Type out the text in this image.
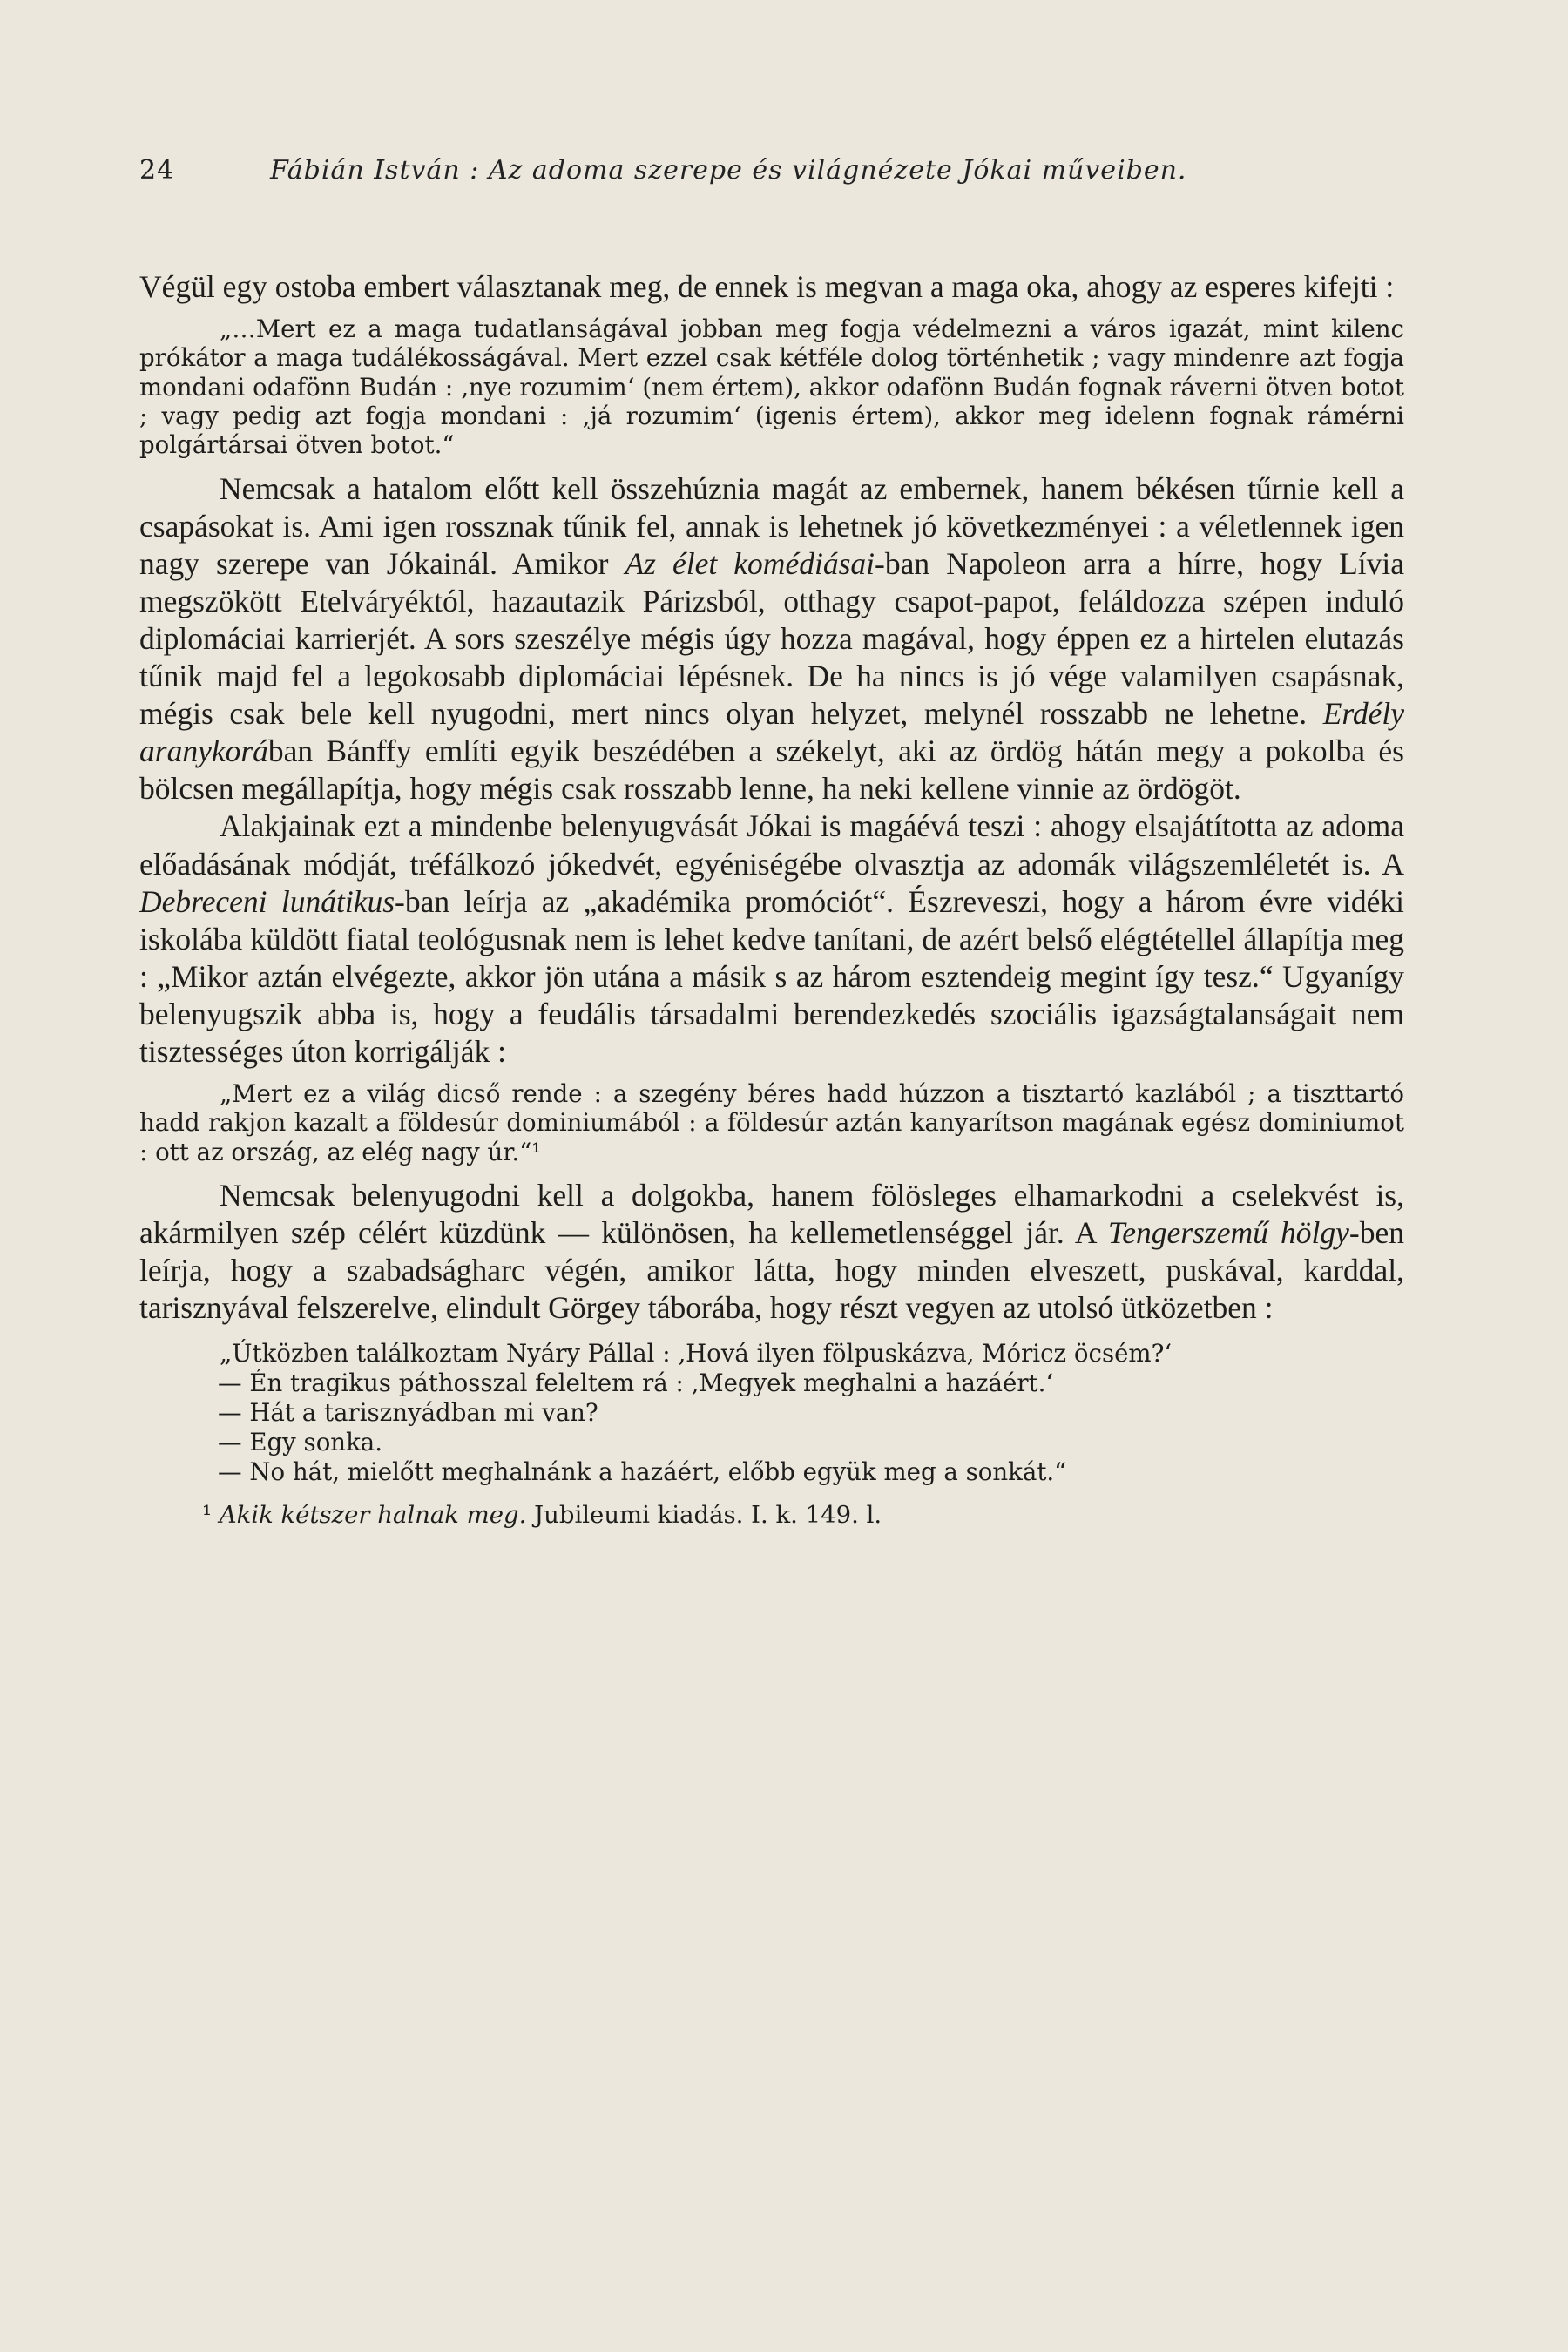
24	Fábián István : Az adoma szerepe és világnézete Jókai műveiben.

Végül egy ostoba embert választanak meg, de ennek is megvan a maga oka, ahogy az esperes kifejti :

„…Mert ez a maga tudatlanságával jobban meg fogja védelmezni a város igazát, mint kilenc prókátor a maga tudálékosságával. Mert ezzel csak kétféle dolog történhetik ; vagy mindenre azt fogja mondani odafönn Budán : ‚nye rozumim‘ (nem értem), akkor odafönn Budán fognak ráverni ötven botot ; vagy pedig azt fogja mondani : ‚já rozumim‘ (igenis értem), akkor meg idelenn fognak rámérni polgártársai ötven botot.“

Nemcsak a hatalom előtt kell összehúznia magát az embernek, hanem békésen tűrnie kell a csapásokat is. Ami igen rossznak tűnik fel, annak is lehetnek jó következményei : a véletlennek igen nagy szerepe van Jókainál. Amikor Az élet komédiásai-ban Napoleon arra a hírre, hogy Lívia megszökött Etelváryéktól, hazautazik Párizsból, otthagy csapot-papot, feláldozza szépen induló diplomáciai karrierjét. A sors szeszélye mégis úgy hozza magával, hogy éppen ez a hirtelen elutazás tűnik majd fel a legokosabb diplomáciai lépésnek. De ha nincs is jó vége valamilyen csapásnak, mégis csak bele kell nyugodni, mert nincs olyan helyzet, melynél rosszabb ne lehetne. Erdély aranykorában Bánffy említi egyik beszédében a székelyt, aki az ördög hátán megy a pokolba és bölcsen megállapítja, hogy mégis csak rosszabb lenne, ha neki kellene vinnie az ördögöt.

Alakjainak ezt a mindenbe belenyugvását Jókai is magáévá teszi : ahogy elsajátította az adoma előadásának módját, tréfálkozó jókedvét, egyéniségébe olvasztja az adomák világszemléletét is. A Debreceni lunátikus-ban leírja az „akadémika promóciót“. Észreveszi, hogy a három évre vidéki iskolába küldött fiatal teológusnak nem is lehet kedve tanítani, de azért belső elégtétellel állapítja meg : „Mikor aztán elvégezte, akkor jön utána a másik s az három esztendeig megint így tesz.“ Ugyanígy belenyugszik abba is, hogy a feudális társadalmi berendezkedés szociális igazságtalanságait nem tisztességes úton korrigálják :

„Mert ez a világ dicső rende : a szegény béres hadd húzzon a tisztartó kazlából ; a tiszttartó hadd rakjon kazalt a földesúr dominiumából : a földesúr aztán kanyarítson magának egész dominiumot : ott az ország, az elég nagy úr.“¹

Nemcsak belenyugodni kell a dolgokba, hanem fölösleges elhamarkodni a cselekvést is, akármilyen szép célért küzdünk — különösen, ha kellemetlenséggel jár. A Tengerszemű hölgy-ben leírja, hogy a szabadságharc végén, amikor látta, hogy minden elveszett, puskával, karddal, tarisznyával felszerelve, elindult Görgey táborába, hogy részt vegyen az utolsó ütközetben :

„Útközben találkoztam Nyáry Pállal : ‚Hová ilyen fölpuskázva, Móricz öcsém?‘

— Én tragikus páthosszal feleltem rá : ‚Megyek meghalni a hazáért.‘

— Hát a tarisznyádban mi van?

— Egy sonka.

— No hát, mielőtt meghalnánk a hazáért, előbb együk meg a sonkát.“

¹ Akik kétszer halnak meg. Jubileumi kiadás. I. k. 149. l.
